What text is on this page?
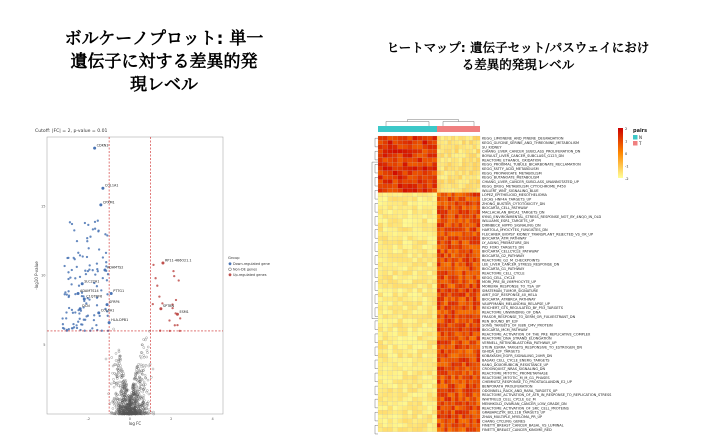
ボルケーノプロット: 単一
遺伝子に対する差異的発
現レベル
ヒートマップ: 遺伝子セット/パスウェイにおけ
る差異的発現レベル
Cutoff: |FC| = 2, p-value = 0.01
-2	0	2	4
5
10
15
log FC
-log10 P-value
CDKN3
COL1A1
CPXM1
ADAMTS2
RP11-466O21.1
SLC22A1
ADAMTS14	PTTG1
C1QTNF6
DCN
COL6A1
SFRP4
SPTBN
ESM1
HLA-DPB1
Group
Down-regulated genes
Non-DE genes
Up-regulated genes
KEGG_LIMONENE_AND_PINENE_DEGRADATION
KEGG_GLYCINE_SERINE_AND_THREONINE_METABOLISM
SU_KIDNEY
CHIANG_LIVER_CANCER_SUBCLASS_PROLIFERATION_DN
BOYAULT_LIVER_CANCER_SUBCLASS_G123_DN
REACTOME_ETHANOL_OXIDATION
KEGG_PROXIMAL_TUBULE_BICARBONATE_RECLAMATION
KEGG_FATTY_ACID_METABOLISM
KEGG_PROPANOATE_METABOLISM
KEGG_BUTANOATE_METABOLISM
CHIANG_LIVER_CANCER_SUBCLASS_UNANNOTATED_UP
KEGG_DRUG_METABOLISM_CYTOCHROME_P450
WILLERT_WNT_SIGNALING_BLUE
LOPEZ_EPITHELIOID_MESOTHELIOMA
LUCAS_HNF4A_TARGETS_UP
ZHONG_BUSTER_CYTOTOXICITY_DN
BIOCARTA_CELL_PATHWAY
MACLACHLAN_BRCA1_TARGETS_DN
KYNG_ENVIRONMENTAL_STRESS_RESPONSE_NOT_BY_4NQO_IN_OLD
WILLIAMS_ESR1_TARGETS_UP
DIRNBECK_HIPPO_SIGNALING_DN
HARTOLA_MYOCYTES_FUNGISTES_DN
FLECHNER_BIOPSY_KIDNEY_TRANSPLANT_REJECTED_VS_OK_UP
BIOCARTA_ATM_PATHWAY
LY_AGING_PREMATURE_DN
PID_FOXO_TARGETS_DN
BIOCARTA_CELLCYCLE_PATHWAY
BIOCARTA_G2_PATHWAY
REACTOME_G2_M_CHECKPOINTS
LEE_LIVER_CANCER_STRESS_RESPONSE_DN
BIOCARTA_G1_PATHWAY
REACTOME_CELL_CYCLE
KEGG_CELL_CYCLE
MORI_PRE_BI_LYMPHOCYTE_UP
MOREIRA_RESPONSE_TO_TSA_UP
SMATEMAN_TUMOR_SIGNATURE
AMIT_EGF_RESPONSE_40_HELA
BIOCARTA_ATRBRCA_PATHWAY
VAUPFMANN_MELANOMA_RELAPSE_UP
REICHERT_GTS_REGULATED_BY_P53_TARGETS
REACTOME_UNWINDING_OF_DNA
FRASOR_RESPONSE_TO_SERM_OR_FULVESTRANT_DN
REN_BOUND_BY_E2F
SONG_TARGETS_OF_IE86_CMV_PROTEIN
BIOCARTA_MCM_PATHWAY
REACTOME_ACTIVATION_OF_THE_PRE_REPLICATIVE_COMPLEX
REACTOME_DNA_STRAND_ELONGATION
VERNELL_RETINOBLASTOMA_PATHWAY_UP
STEIN_ESRRA_TARGETS_RESPONSIVE_TO_ESTROGEN_DN
ISHIDA_E2F_TARGETS
KOBAYASHI_EGFR_SIGNALING_24HR_DN
BASAKI_CELL_CYCLE_ENERG_TARGETS
KANG_DOXORUBICIN_RESISTANCE_UP
CROONQUIST_NRAS_SIGNALING_DN
REACTOME_MITOTIC_PROMETAPHASE
REACTOME_MITOTIC_M_M_G1_PHASES
CHEMNITZ_RESPONSE_TO_PROSTAGLANDIN_E2_UP
BENPORATH_PROLIFERATION
ODONNELL_RACK_AND_RARA_TARGETS_UP
REACTOME_ACTIVATION_OF_ATR_IN_RESPONSE_TO_REPLICATION_STRESS
WHITFIELD_CELL_CYCLE_G2_M
MENHKOLD_OVARIAN_CANCER_LOW_GRADE_DN
REACTOME_ACTIVATION_OF_SRC_CELL_PROTEINS
GRABARCZYK_BCL11B_TARGETS_UP
ZHAN_MULTIPLE_MYELOMA_PR_UP
CHANG_CYCLING_GENES
FINETTI_BREAST_CANCER_BASAL_VS_LUMINAL
FINETTI_BREAST_CANCER_KINOME_RED
pairs
N
T
2
1
0
-1
-2
